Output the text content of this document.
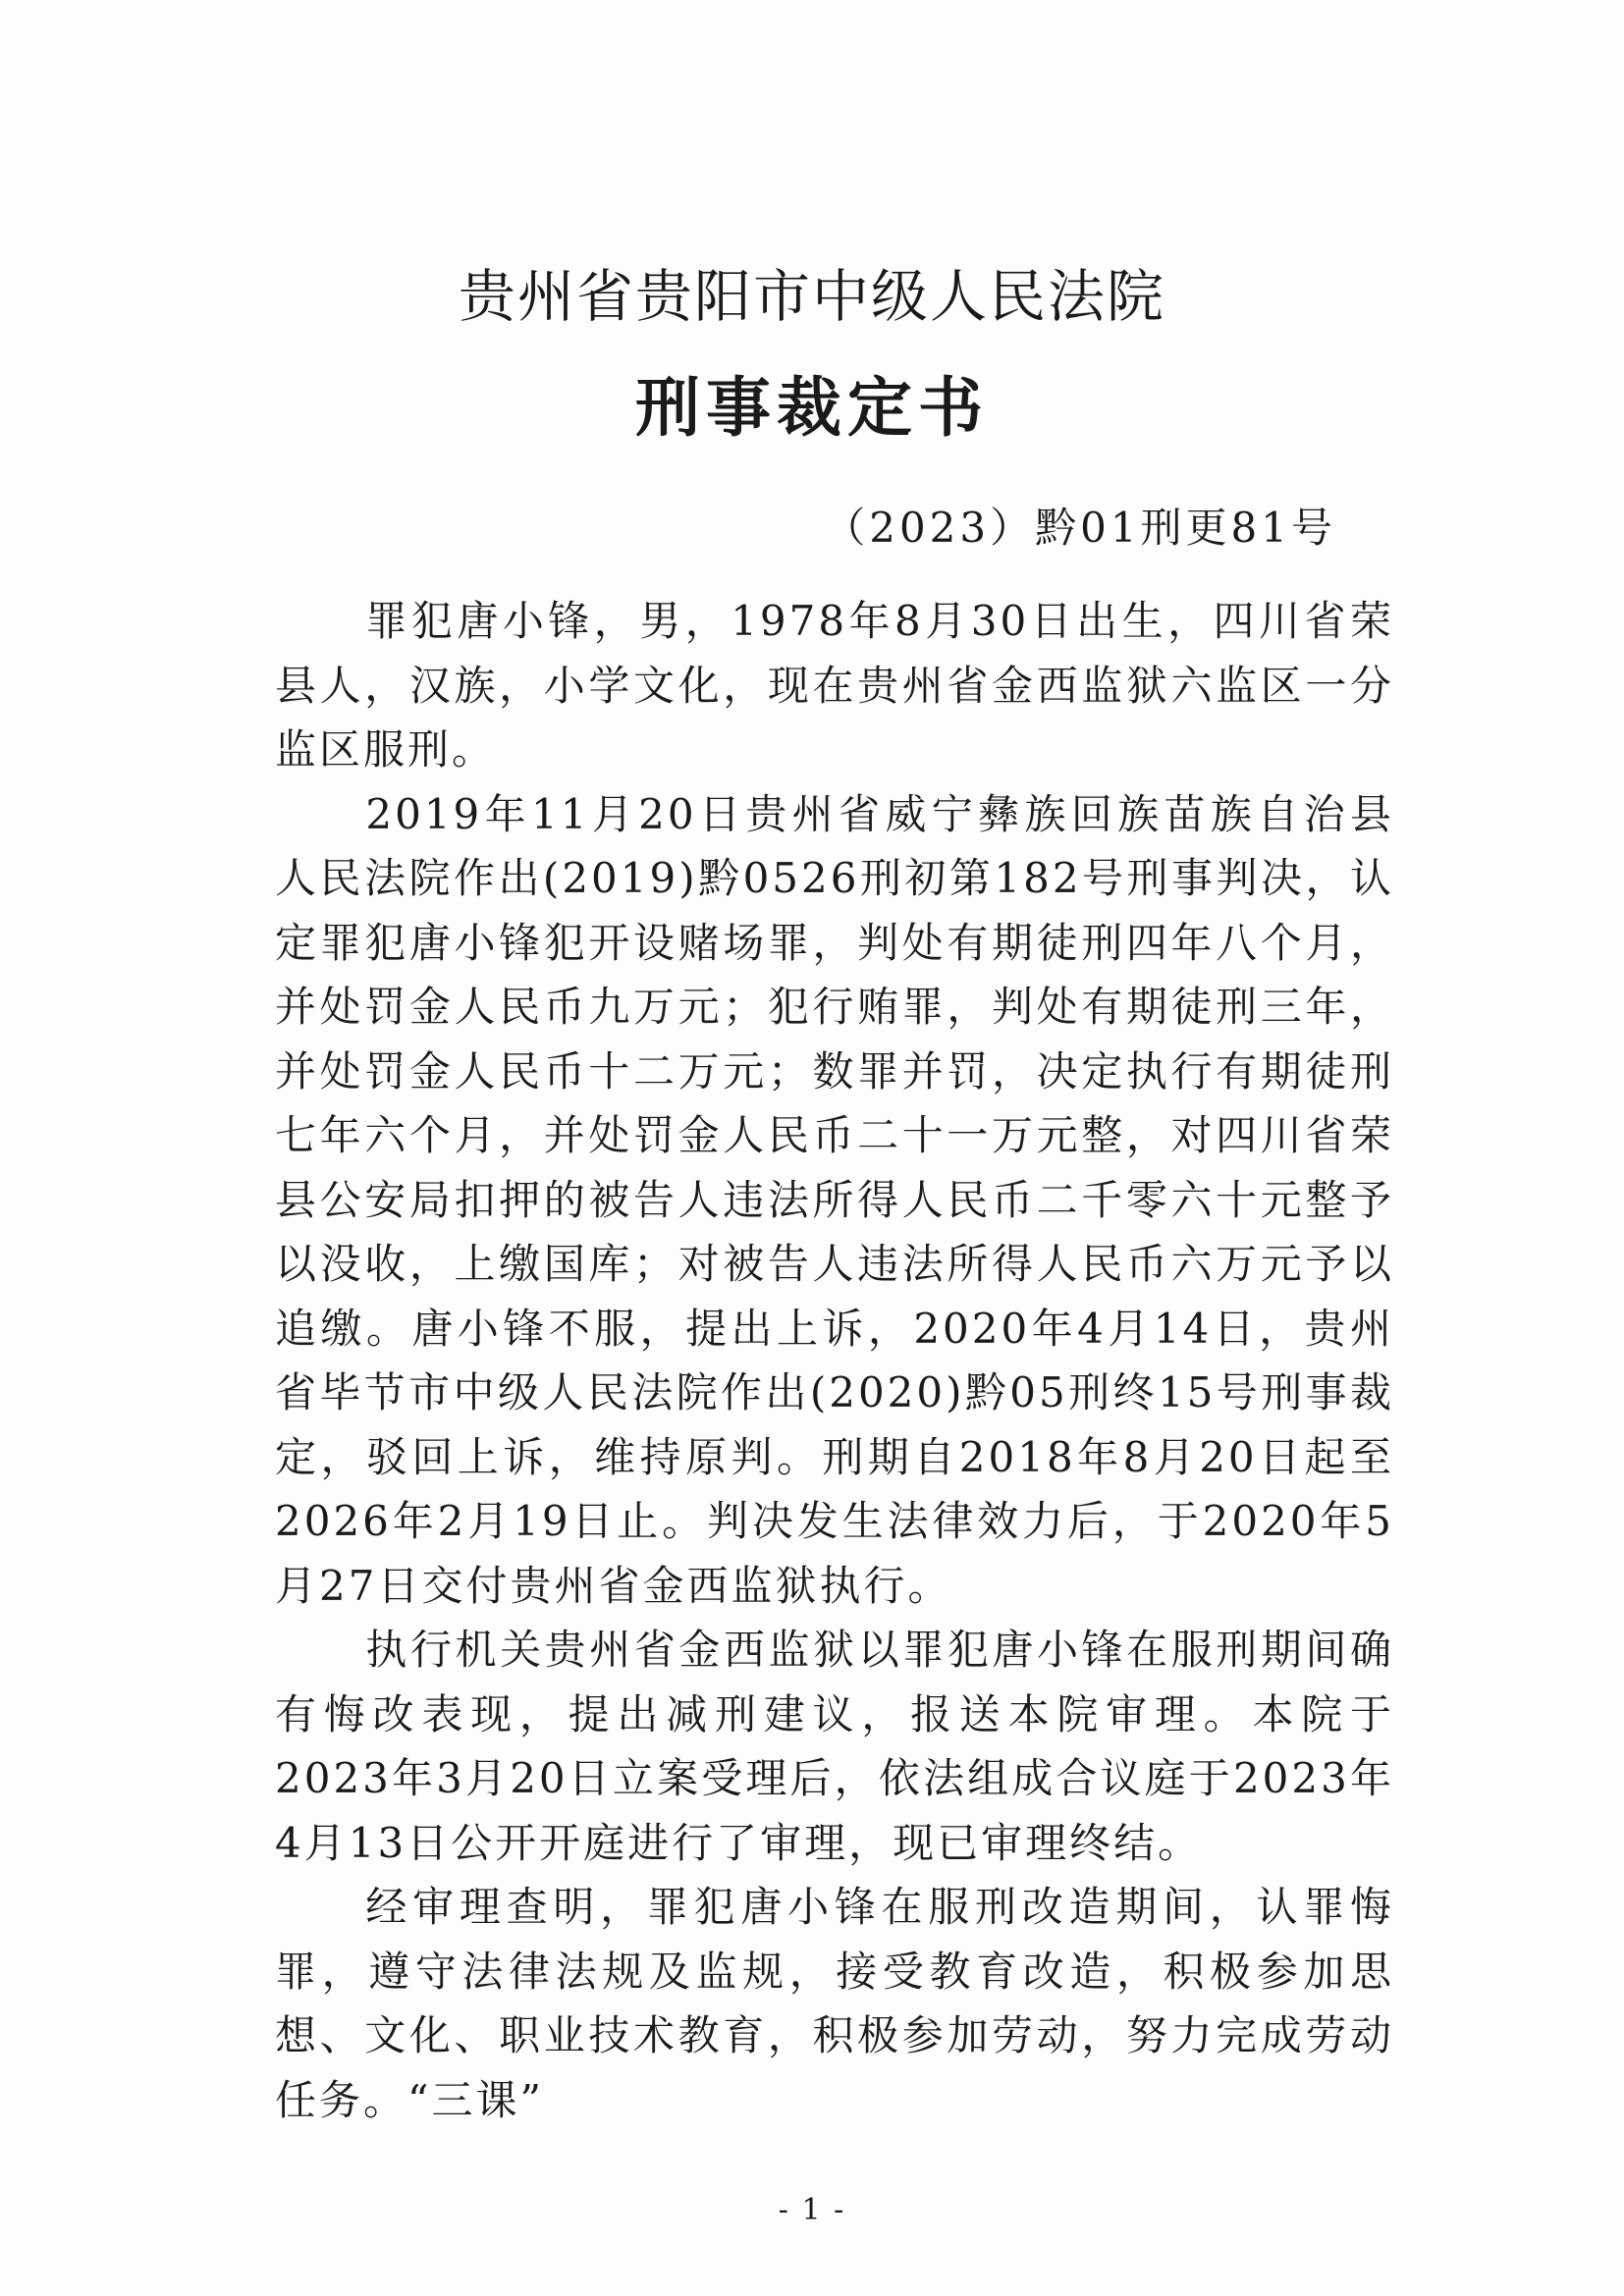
贵州省贵阳市中级人民法院
刑事裁定书
（2023）黔01刑更81号

罪犯唐小锋，男，1978年8月30日出生，四川省荣县人，汉族，小学文化，现在贵州省金西监狱六监区一分监区服刑。

2019年11月20日贵州省威宁彝族回族苗族自治县人民法院作出(2019)黔0526刑初第182号刑事判决，认定罪犯唐小锋犯开设赌场罪，判处有期徒刑四年八个月，并处罚金人民币九万元；犯行贿罪，判处有期徒刑三年，并处罚金人民币十二万元；数罪并罚，决定执行有期徒刑七年六个月，并处罚金人民币二十一万元整，对四川省荣县公安局扣押的被告人违法所得人民币二千零六十元整予以没收，上缴国库；对被告人违法所得人民币六万元予以追缴。唐小锋不服，提出上诉，2020年4月14日，贵州省毕节市中级人民法院作出(2020)黔05刑终15号刑事裁定，驳回上诉，维持原判。刑期自2018年8月20日起至2026年2月19日止。判决发生法律效力后，于2020年5月27日交付贵州省金西监狱执行。

执行机关贵州省金西监狱以罪犯唐小锋在服刑期间确有悔改表现，提出减刑建议，报送本院审理。本院于2023年3月20日立案受理后，依法组成合议庭于2023年4月13日公开开庭进行了审理，现已审理终结。

经审理查明，罪犯唐小锋在服刑改造期间，认罪悔罪，遵守法律法规及监规，接受教育改造，积极参加思想、文化、职业技术教育，积极参加劳动，努力完成劳动任务。“三课”

- 1 -
